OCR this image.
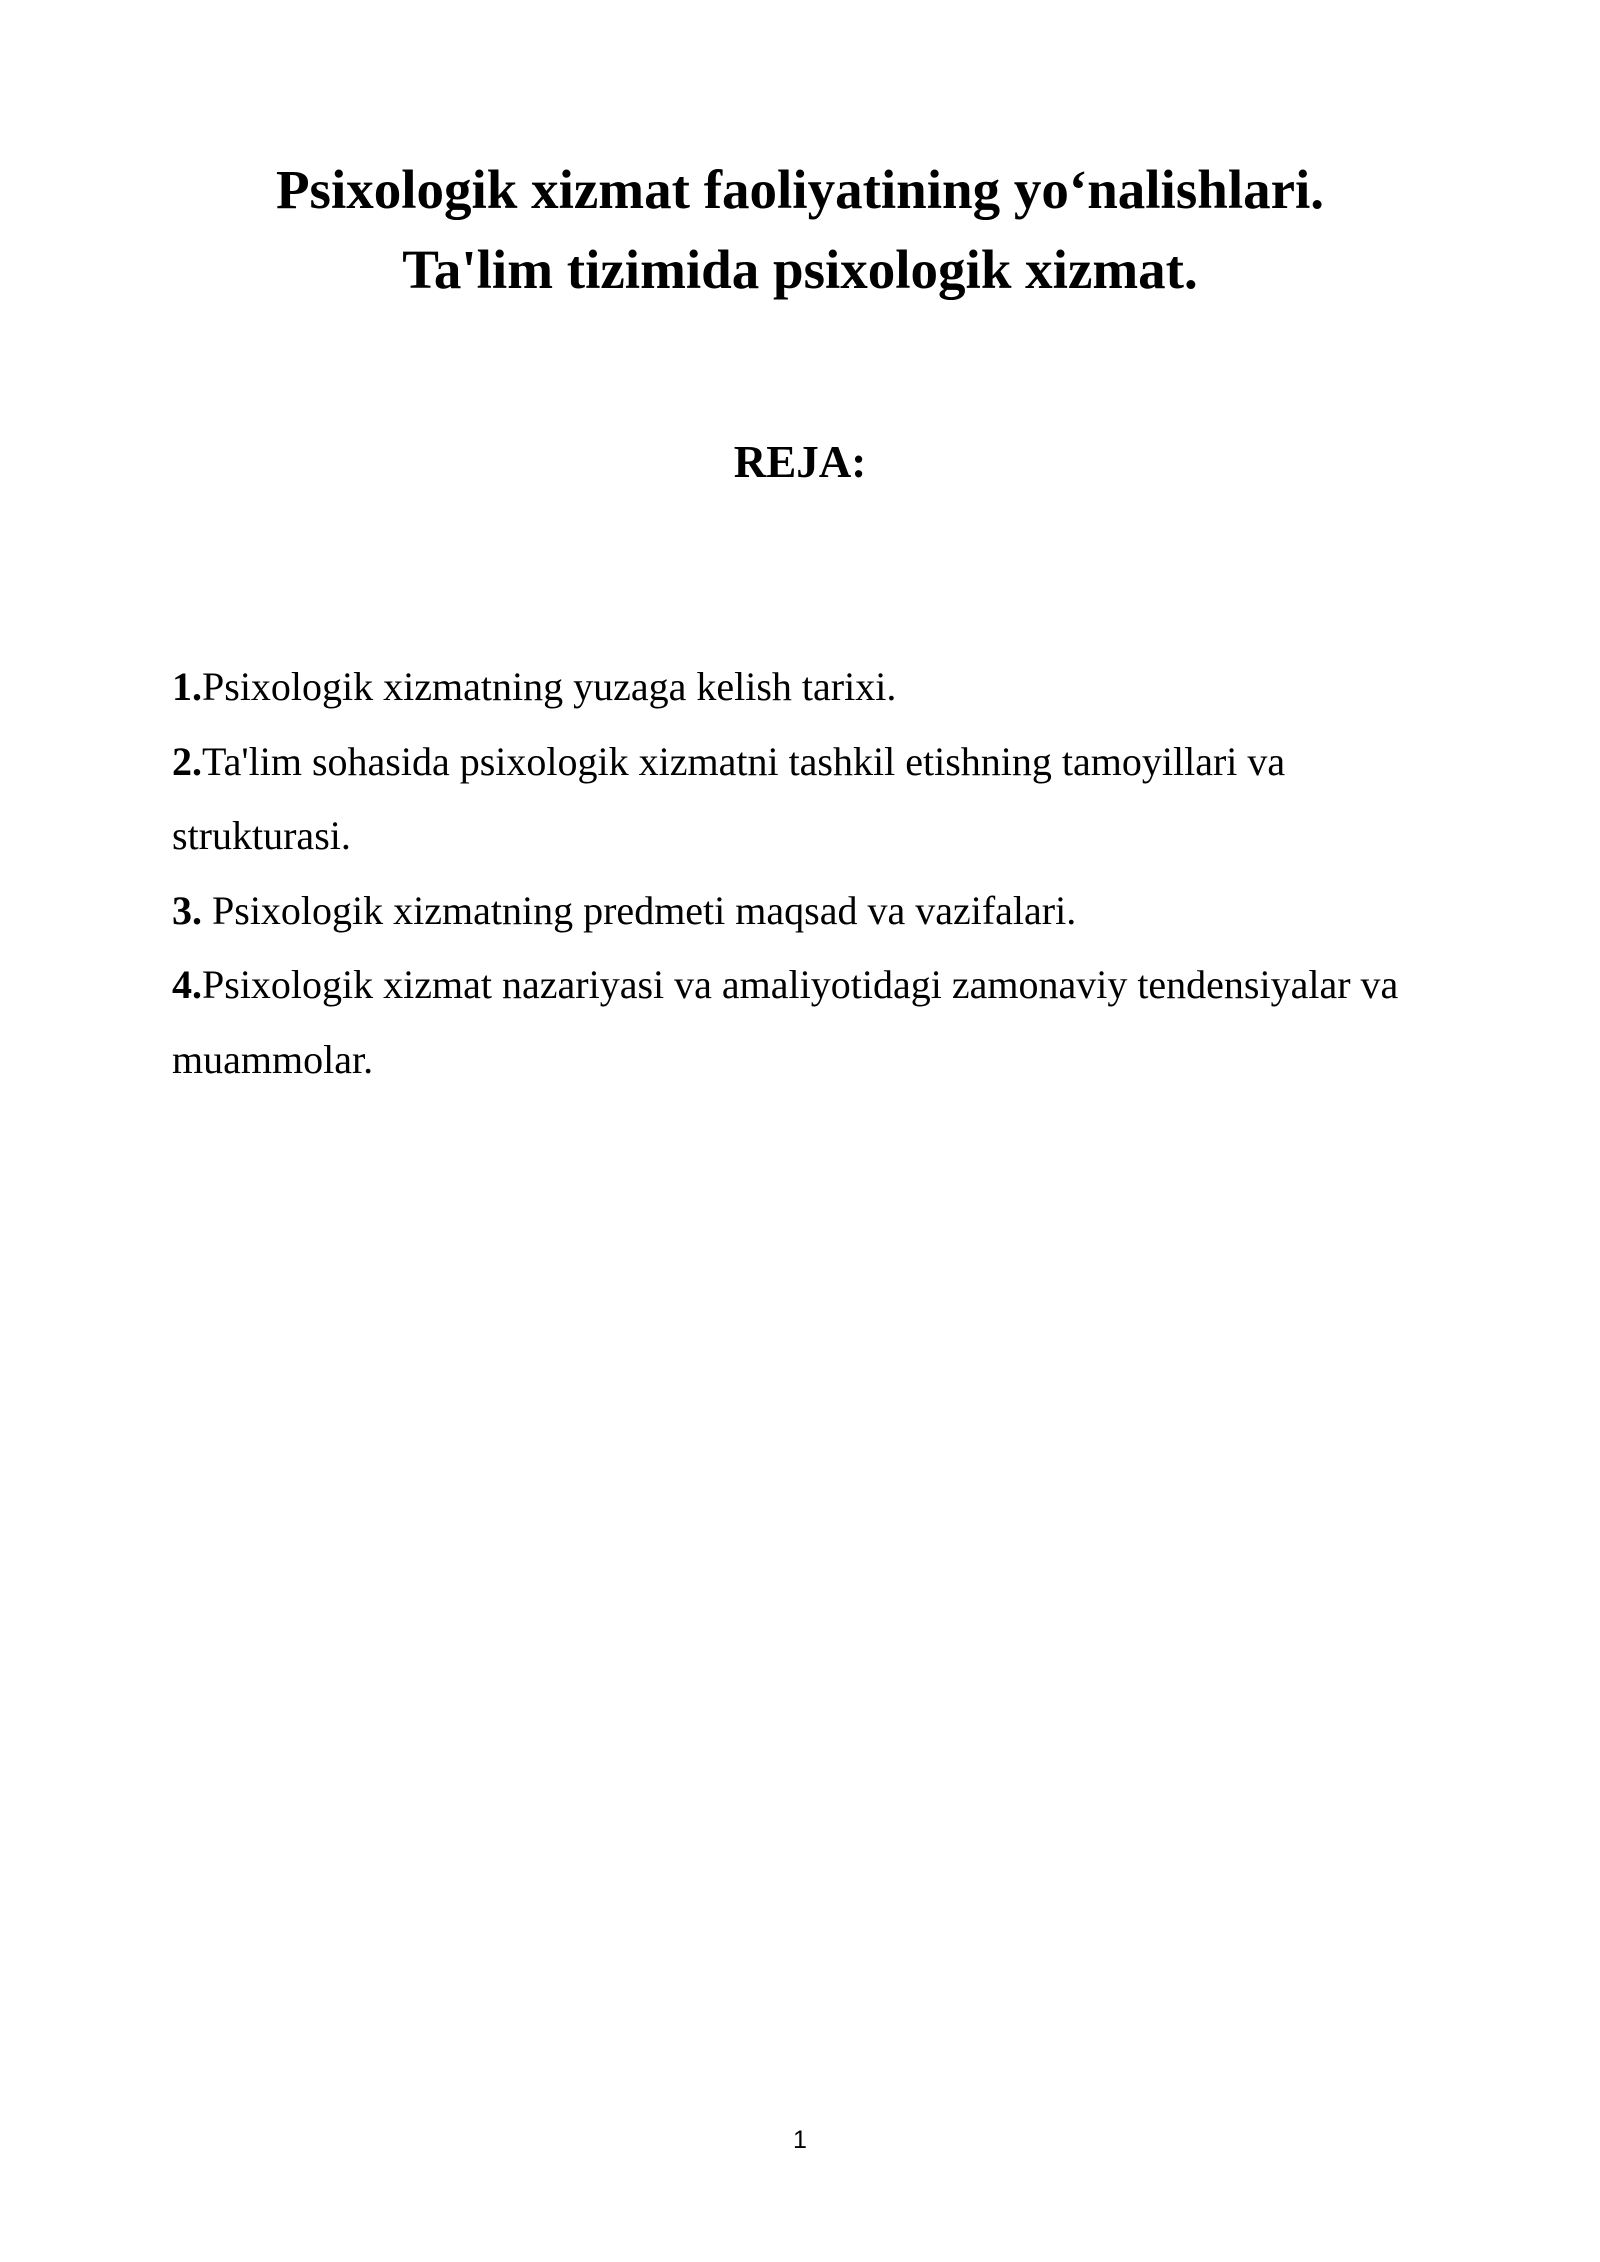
Psixologik xizmat faoliyatining yo‘nalishlari.
Ta'lim tizimida psixologik xizmat.
REJA:
1.Psixologik xizmatning yuzaga kelish tarixi.
2.Ta'lim sohasida psixologik xizmatni tashkil etishning tamoyillari va strukturasi.
3. Psixologik xizmatning predmeti maqsad va vazifalari.
4.Psixologik xizmat nazariyasi va amaliyotidagi zamonaviy tendensiyalar va muammolar.
1
